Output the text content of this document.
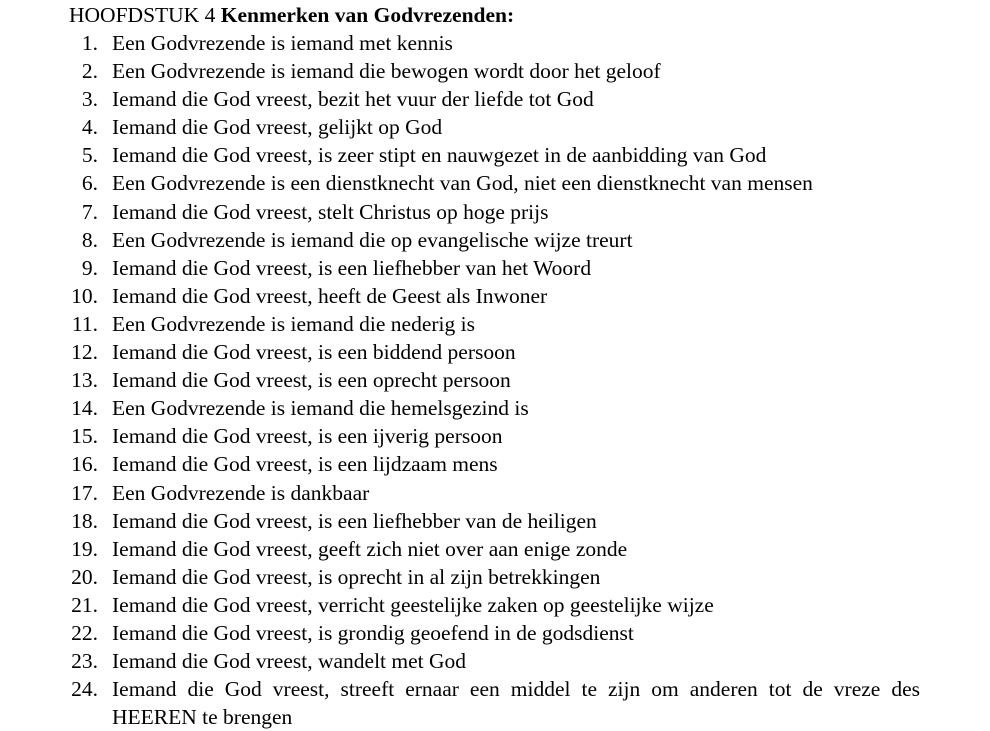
HOOFDSTUK 4 Kenmerken van Godvrezenden:
1. Een Godvrezende is iemand met kennis
2. Een Godvrezende is iemand die bewogen wordt door het geloof
3. Iemand die God vreest, bezit het vuur der liefde tot God
4. Iemand die God vreest, gelijkt op God
5. Iemand die God vreest, is zeer stipt en nauwgezet in de aanbidding van God
6. Een Godvrezende is een dienstknecht van God, niet een dienstknecht van mensen
7. Iemand die God vreest, stelt Christus op hoge prijs
8. Een Godvrezende is iemand die op evangelische wijze treurt
9. Iemand die God vreest, is een liefhebber van het Woord
10. Iemand die God vreest, heeft de Geest als Inwoner
11. Een Godvrezende is iemand die nederig is
12. Iemand die God vreest, is een biddend persoon
13. Iemand die God vreest, is een oprecht persoon
14. Een Godvrezende is iemand die hemelsgezind is
15. Iemand die God vreest, is een ijverig persoon
16. Iemand die God vreest, is een lijdzaam mens
17. Een Godvrezende is dankbaar
18. Iemand die God vreest, is een liefhebber van de heiligen
19. Iemand die God vreest, geeft zich niet over aan enige zonde
20. Iemand die God vreest, is oprecht in al zijn betrekkingen
21. Iemand die God vreest, verricht geestelijke zaken op geestelijke wijze
22. Iemand die God vreest, is grondig geoefend in de godsdienst
23. Iemand die God vreest, wandelt met God
24. Iemand die God vreest, streeft ernaar een middel te zijn om anderen tot de vreze des HEEREN te brengen
